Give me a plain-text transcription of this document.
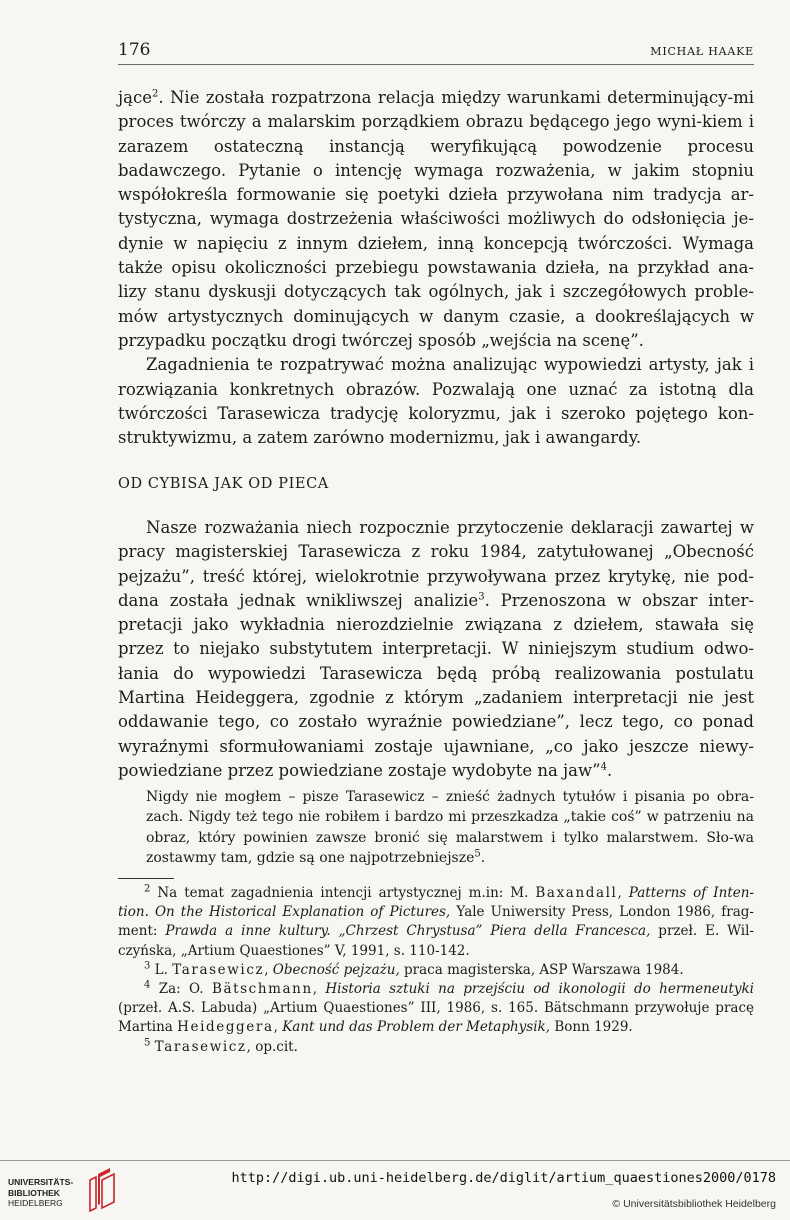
176	MICHAŁ HAAKE

jące$^2$. Nie została rozpatrzona relacja między warunkami determinujący-mi proces twórczy a malarskim porządkiem obrazu będącego jego wyni-kiem i zarazem ostateczną instancją weryfikującą powodzenie procesu badawczego. Pytanie o intencję wymaga rozważenia, w jakim stopniu współokreśla formowanie się poetyki dzieła przywołana nim tradycja ar-tystyczna, wymaga dostrzeżenia właściwości możliwych do odsłonięcia je-dynie w napięciu z innym dziełem, inną koncepcją twórczości. Wymaga także opisu okoliczności przebiegu powstawania dzieła, na przykład ana-lizy stanu dyskusji dotyczących tak ogólnych, jak i szczegółowych proble-mów artystycznych dominujących w danym czasie, a dookreślających w przypadku początku drogi twórczej sposób „wejścia na scenę”.

Zagadnienia te rozpatrywać można analizując wypowiedzi artysty, jak i rozwiązania konkretnych obrazów. Pozwalają one uznać za istotną dla twórczości Tarasewicza tradycję koloryzmu, jak i szeroko pojętego kon-struktywizmu, a zatem zarówno modernizmu, jak i awangardy.

OD CYBISA JAK OD PIECA

Nasze rozważania niech rozpocznie przytoczenie deklaracji zawartej w pracy magisterskiej Tarasewicza z roku 1984, zatytułowanej „Obecność pejzażu”, treść której, wielokrotnie przywoływana przez krytykę, nie pod-dana została jednak wnikliwszej analizie$^3$. Przenoszona w obszar inter-pretacji jako wykładnia nierozdzielnie związana z dziełem, stawała się przez to niejako substytutem interpretacji. W niniejszym studium odwo-łania do wypowiedzi Tarasewicza będą próbą realizowania postulatu Martina Heideggera, zgodnie z którym „zadaniem interpretacji nie jest oddawanie tego, co zostało wyraźnie powiedziane”, lecz tego, co ponad wyraźnymi sformułowaniami zostaje ujawniane, „co jako jeszcze niewy-powiedziane przez powiedziane zostaje wydobyte na jaw”$^4$.

Nigdy nie mogłem – pisze Tarasewicz – znieść żadnych tytułów i pisania po obra-zach. Nigdy też tego nie robiłem i bardzo mi przeszkadza „takie coś” w patrzeniu na obraz, który powinien zawsze bronić się malarstwem i tylko malarstwem. Sło-wa zostawmy tam, gdzie są one najpotrzebniejsze$^5$.

$^2$ Na temat zagadnienia intencji artystycznej m.in: M. Baxandall, Patterns of Inten-tion. On the Historical Explanation of Pictures, Yale Uniwersity Press, London 1986, frag-ment: Prawda a inne kultury. „Chrzest Chrystusa” Piera della Francesca, przeł. E. Wil-czyńska, „Artium Quaestiones” V, 1991, s. 110-142.

$^3$ L. Tarasewicz, Obecność pejzażu, praca magisterska, ASP Warszawa 1984.

$^4$ Za: O. Bätschmann, Historia sztuki na przejściu od ikonologii do hermeneutyki (przeł. A.S. Labuda) „Artium Quaestiones” III, 1986, s. 165. Bätschmann przywołuje pracę Martina Heideggera, Kant und das Problem der Metaphysik, Bonn 1929.

$^5$ Tarasewicz, op.cit.

UNIVERSITÄTS-
BIBLIOTHEK
HEIDELBERG
http://digi.ub.uni-heidelberg.de/diglit/artium_quaestiones2000/0178
© Universitätsbibliothek Heidelberg
